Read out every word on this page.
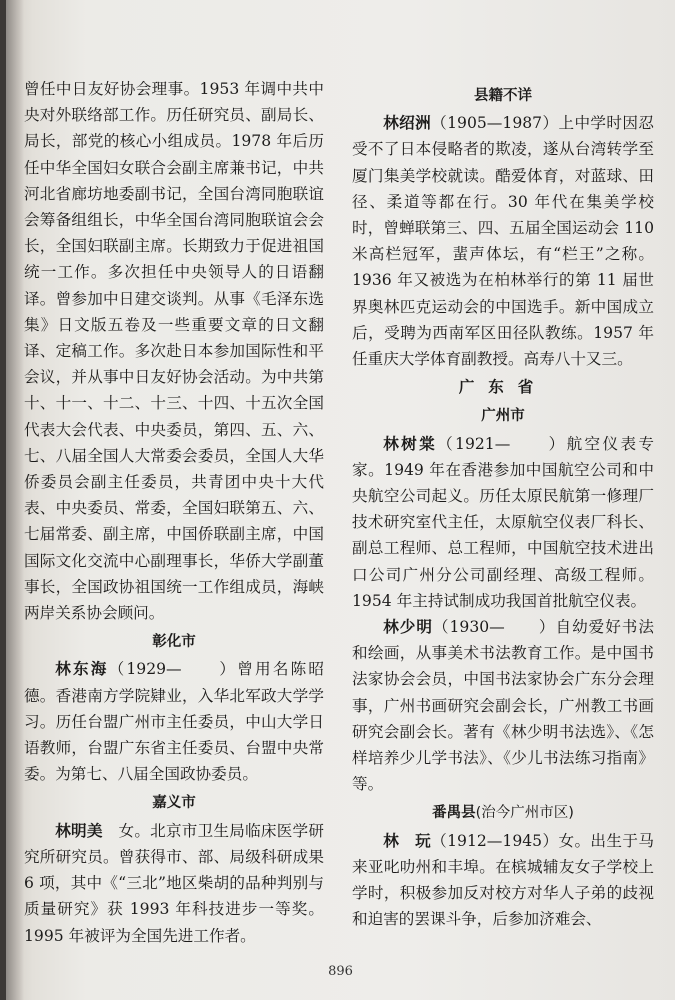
曾任中日友好协会理事。1953 年调中共中央对外联络部工作。历任研究员、副局长、局长，部党的核心小组成员。1978 年后历任中华全国妇女联合会副主席兼书记，中共河北省廊坊地委副书记，全国台湾同胞联谊会筹备组组长，中华全国台湾同胞联谊会会长，全国妇联副主席。长期致力于促进祖国统一工作。多次担任中央领导人的日语翻译。曾参加中日建交谈判。从事《毛泽东选集》日文版五卷及一些重要文章的日文翻译、定稿工作。多次赴日本参加国际性和平会议，并从事中日友好协会活动。为中共第十、十一、十二、十三、十四、十五次全国代表大会代表、中央委员，第四、五、六、七、八届全国人大常委会委员，全国人大华侨委员会副主任委员，共青团中央十大代表、中央委员、常委，全国妇联第五、六、七届常委、副主席，中国侨联副主席，中国国际文化交流中心副理事长，华侨大学副董事长，全国政协祖国统一工作组成员，海峡两岸关系协会顾问。

彰化市

林东海（1929—　　）曾用名陈昭德。香港南方学院肄业，入华北军政大学学习。历任台盟广州市主任委员，中山大学日语教师，台盟广东省主任委员、台盟中央常委。为第七、八届全国政协委员。

嘉义市

林明美　 女。北京市卫生局临床医学研究所研究员。曾获得市、部、局级科研成果 6 项，其中《“三北”地区柴胡的品种判别与质量研究》获 1993 年科技进步一等奖。1995 年被评为全国先进工作者。

县籍不详

林绍洲（1905—1987）上中学时因忍受不了日本侵略者的欺凌，遂从台湾转学至厦门集美学校就读。酷爱体育，对蓝球、田径、柔道等都在行。30 年代在集美学校时，曾蝉联第三、四、五届全国运动会 110 米高栏冠军，蜚声体坛，有“栏王”之称。1936 年又被选为在柏林举行的第 11 届世界奥林匹克运动会的中国选手。新中国成立后，受聘为西南军区田径队教练。1957 年任重庆大学体育副教授。高寿八十又三。

广东省
广州市

林树棠（1921—　　）航空仪表专家。1949 年在香港参加中国航空公司和中央航空公司起义。历任太原民航第一修理厂技术研究室代主任，太原航空仪表厂科长、副总工程师、总工程师，中国航空技术进出口公司广州分公司副经理、高级工程师。1954 年主持试制成功我国首批航空仪表。

林少明（1930—　　）自幼爱好书法和绘画，从事美术书法教育工作。是中国书法家协会会员，中国书法家协会广东分会理事，广州书画研究会副会长，广州教工书画研究会副会长。著有《林少明书法选》、《怎样培养少儿学书法》、《少儿书法练习指南》等。

番禺县(治今广州市区)

林　玩（1912—1945）女。出生于马来亚叱叻州和丰埠。在槟城辅友女子学校上学时，积极参加反对校方对华人子弟的歧视和迫害的罢课斗争，后参加济难会、

896
